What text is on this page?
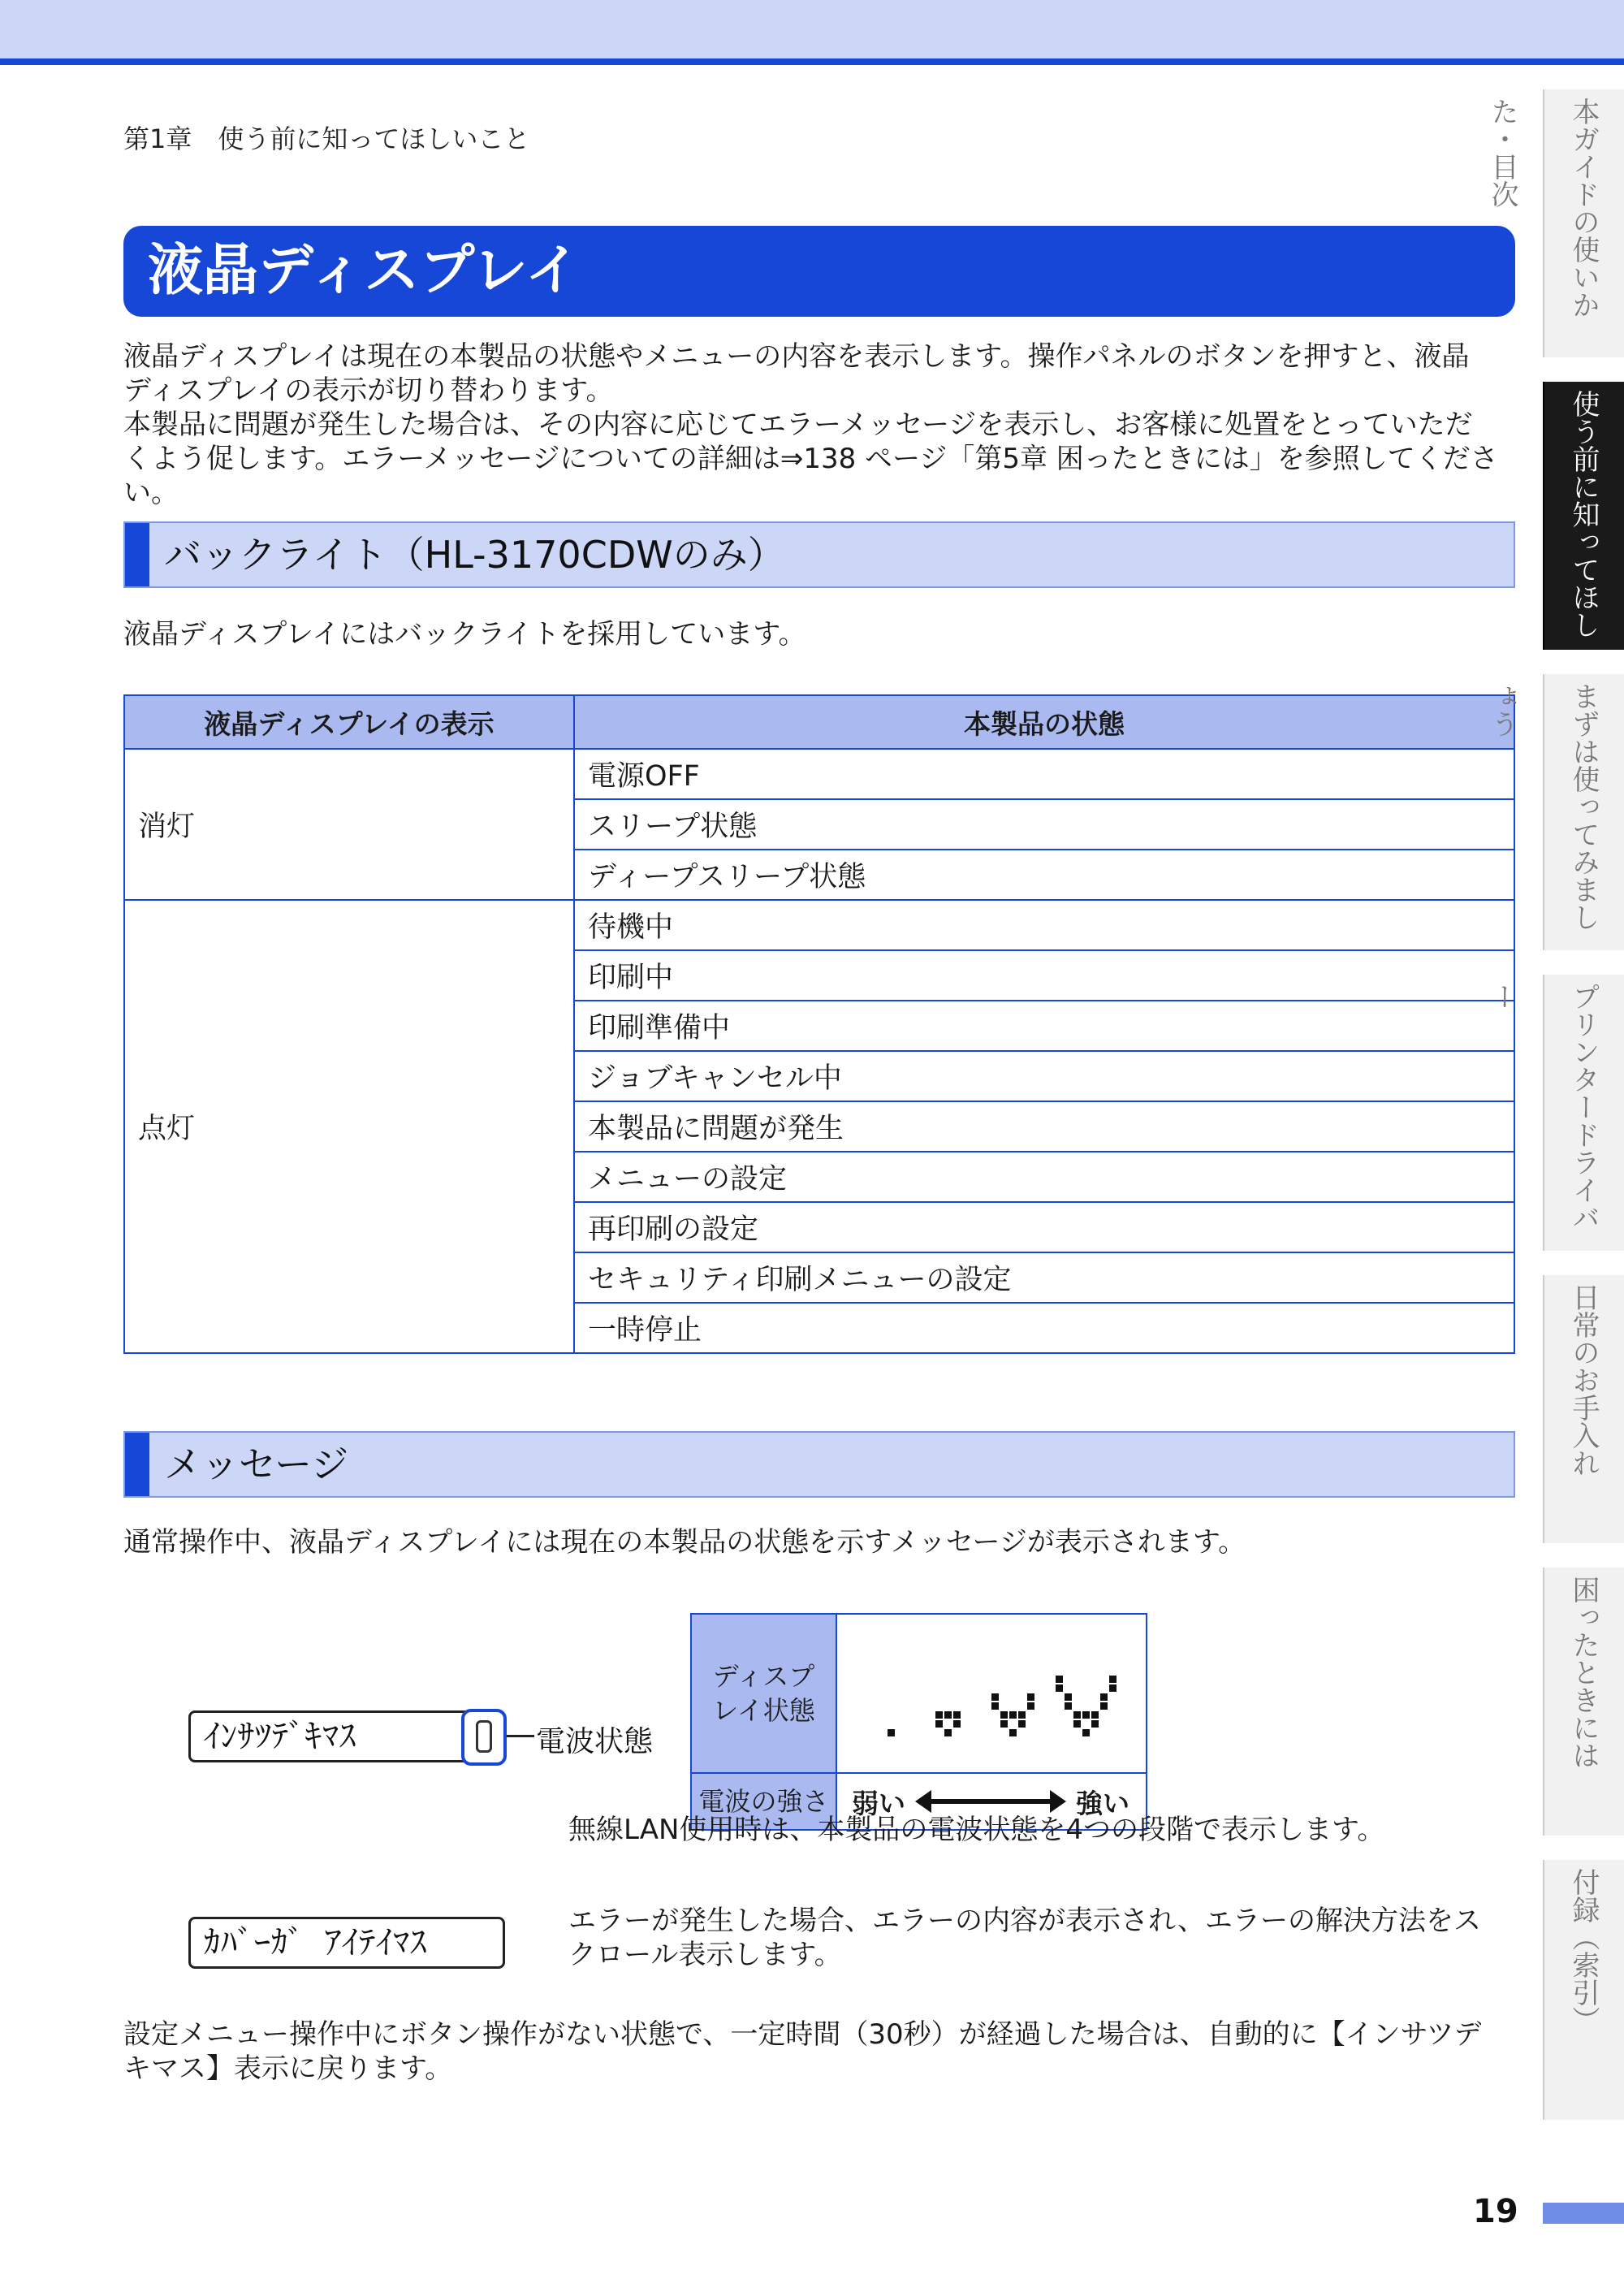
第1章　使う前に知ってほしいこと
液晶ディスプレイ

液晶ディスプレイは現在の本製品の状態やメニューの内容を表示します。操作パネルのボタンを押すと、液晶
ディスプレイの表示が切り替わります。
本製品に問題が発生した場合は、その内容に応じてエラーメッセージを表示し、お客様に処置をとっていただ
くよう促します。エラーメッセージについての詳細は⇒138 ページ「第5章 困ったときには」を参照してください。

バックライト（HL-3170CDWのみ）

液晶ディスプレイにはバックライトを採用しています。

液晶ディスプレイの表示	本製品の状態
消灯	電源OFF
	スリープ状態
	ディープスリープ状態
点灯	待機中
	印刷中
	印刷準備中
	ジョブキャンセル中
	本製品に問題が発生
	メニューの設定
	再印刷の設定
	セキュリティ印刷メニューの設定
	一時停止
メッセージ

通常操作中、液晶ディスプレイには現在の本製品の状態を示すメッセージが表示されます。

ｲﾝｻﾂﾃﾞｷﾏｽ	電波状態
ディスプレイ状態	
電波の強さ	弱い 強い

無線LAN使用時は、本製品の電波状態を4つの段階で表示します。

ｶﾊﾞｰｶﾞ ｱｲﾃｲﾏｽ

エラーが発生した場合、エラーの内容が表示され、エラーの解決方法をス
クロール表示します。

設定メニュー操作中にボタン操作がない状態で、一定時間（30秒）が経過した場合は、自動的に【インサツデ
キマス】表示に戻ります。

本ガイドの使いかた・目次
使う前に知ってほしいこと
まずは使ってみましょう
プリンタードライバー
日常のお手入れ
困ったときには
付録（索引）
19
